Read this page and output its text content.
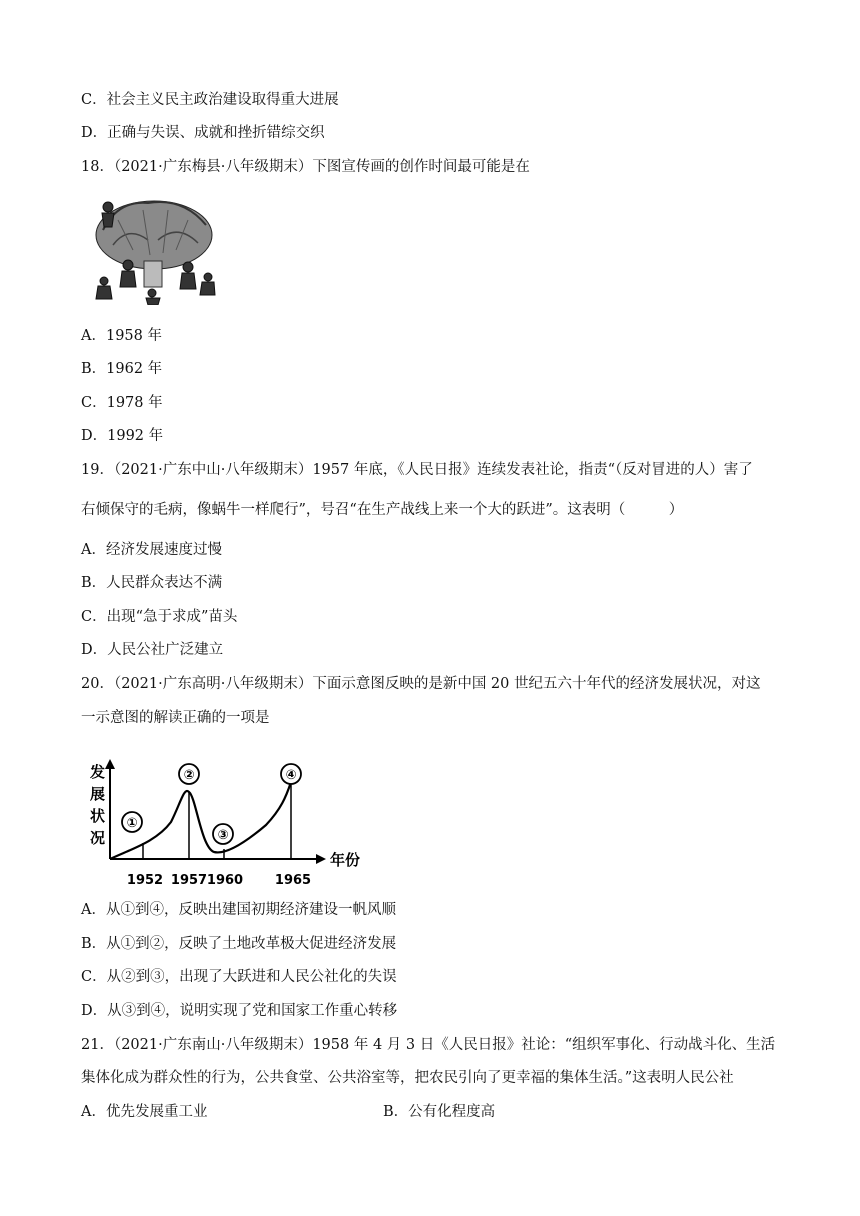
C．社会主义民主政治建设取得重大进展
D．正确与失误、成就和挫折错综交织
18．（2021·广东梅县·八年级期末）下图宣传画的创作时间最可能是在
A．1958 年
B．1962 年
C．1978 年
D．1992 年
19．（2021·广东中山·八年级期末）1957 年底，《人民日报》连续发表社论，指责“（反对冒进的人）害了
右倾保守的毛病，像蜗牛一样爬行”，号召“在生产战线上来一个大的跃进”。这表明（　　　）
A．经济发展速度过慢
B．人民群众表达不满
C．出现“急于求成”苗头
D．人民公社广泛建立
20．（2021·广东高明·八年级期末）下面示意图反映的是新中国 20 世纪五六十年代的经济发展状况，对这
一示意图的解读正确的一项是
发
展
状
况
年份
①
②
③
④
1952 1957 1960 1965
A．从①到④，反映出建国初期经济建设一帆风顺
B．从①到②，反映了土地改革极大促进经济发展
C．从②到③，出现了大跃进和人民公社化的失误
D．从③到④，说明实现了党和国家工作重心转移
21．（2021·广东南山·八年级期末）1958 年 4 月 3 日《人民日报》社论：“组织军事化、行动战斗化、生活
集体化成为群众性的行为，公共食堂、公共浴室等，把农民引向了更幸福的集体生活。”这表明人民公社
A．优先发展重工业	B．公有化程度高
